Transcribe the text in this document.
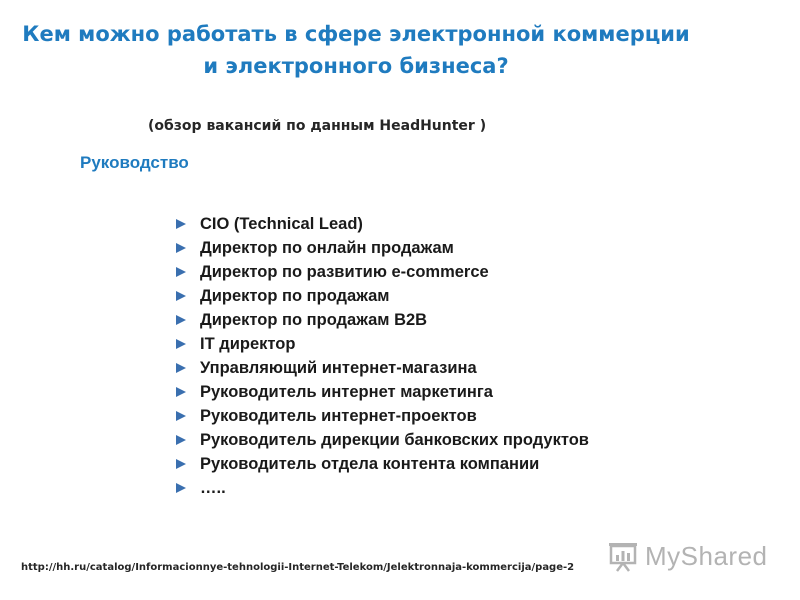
Кем можно работать в сфере электронной коммерции
и электронного бизнеса?
(обзор вакансий по данным HeadHunter )
Руководство
CIO (Technical Lead)
Директор по онлайн продажам
Директор по развитию e-commerce
Директор по продажам
Директор по продажам B2B
IT директор
Управляющий интернет-магазина
Руководитель интернет маркетинга
Руководитель интернет-проектов
Руководитель дирекции банковских продуктов
Руководитель отдела контента компании
…..
http://hh.ru/catalog/Informacionnye-tehnologii-Internet-Telekom/Jelektronnaja-kommercija/page-2	MyShared
